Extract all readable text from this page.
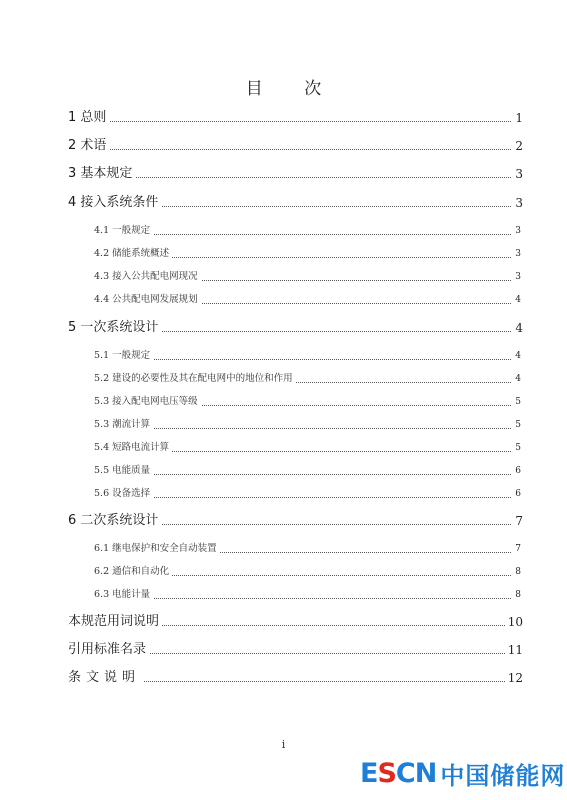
目 次
1 总则	1
2 术语	2
3 基本规定	3
4 接入系统条件	3
4.1 一般规定	3
4.2 储能系统概述	3
4.3 接入公共配电网现况	3
4.4 公共配电网发展规划	4
5 一次系统设计	4
5.1 一般规定	4
5.2 建设的必要性及其在配电网中的地位和作用	4
5.3 接入配电网电压等级	5
5.3 潮流计算	5
5.4 短路电流计算	5
5.5 电能质量	6
5.6 设备选择	6
6 二次系统设计	7
6.1 继电保护和安全自动装置	7
6.2 通信和自动化	8
6.3 电能计量	8
本规范用词说明	10
引用标准名录	11
条文说明	12
i
ESCN 中国储能网
